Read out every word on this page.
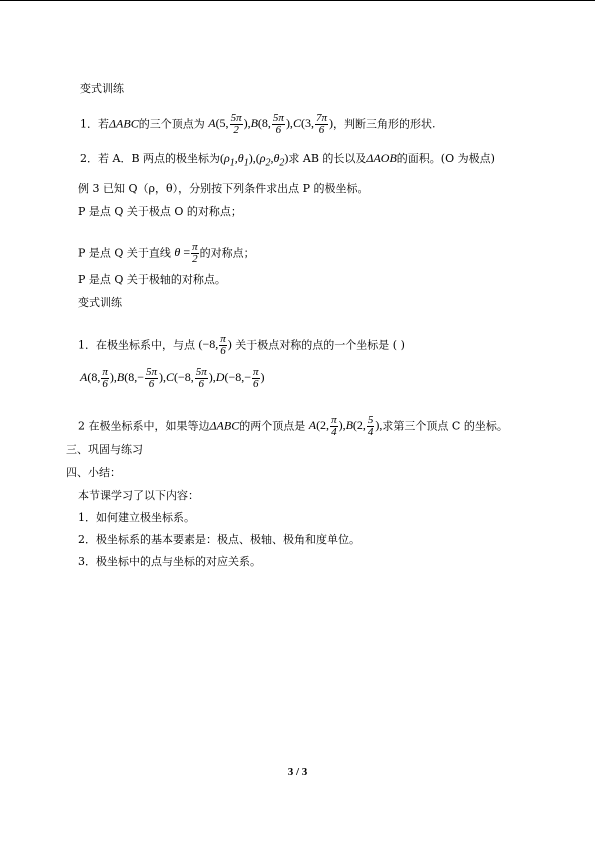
变式训练
1．若ΔABC的三个顶点为 A(5, $\frac{5\pi}{2} ),B(8$, $\frac{5\pi}{6} ),C(3$, $\frac{7\pi}{6}$ )，判断三角形的形状.
2．若 A．B 两点的极坐标为$(\rho_1,\theta_1),(\rho_2,\theta_2)$求 AB 的长以及ΔAOB的面积。(O 为极点)
例 3 已知 Q（ρ，θ），分别按下列条件求出点 P 的极坐标。
P 是点 Q 关于极点 O 的对称点；
P 是点 Q 关于直线 $\theta = \frac{\pi}{2}$ 的对称点；
P 是点 Q 关于极轴的对称点。
变式训练
1．在极坐标系中，与点 (−8, $\frac{\pi}{6}$ ) 关于极点对称的点的一个坐标是 ( )
A(8, $\frac{\pi}{6} ),B(8,- \frac{5\pi}{6} ),C(-8$, $\frac{5\pi}{6} ),D(-8,- \frac{\pi}{6}$ )
2 在极坐标系中，如果等边ΔABC的两个顶点是 A(2, $\frac{\pi}{4} ),B(2$, $\frac{5}{4}$ ),求第三个顶点 C 的坐标。
三、巩固与练习
四、小结：
本节课学习了以下内容：
1．如何建立极坐标系。
2．极坐标系的基本要素是：极点、极轴、极角和度单位。
3．极坐标中的点与坐标的对应关系。
3 / 3
